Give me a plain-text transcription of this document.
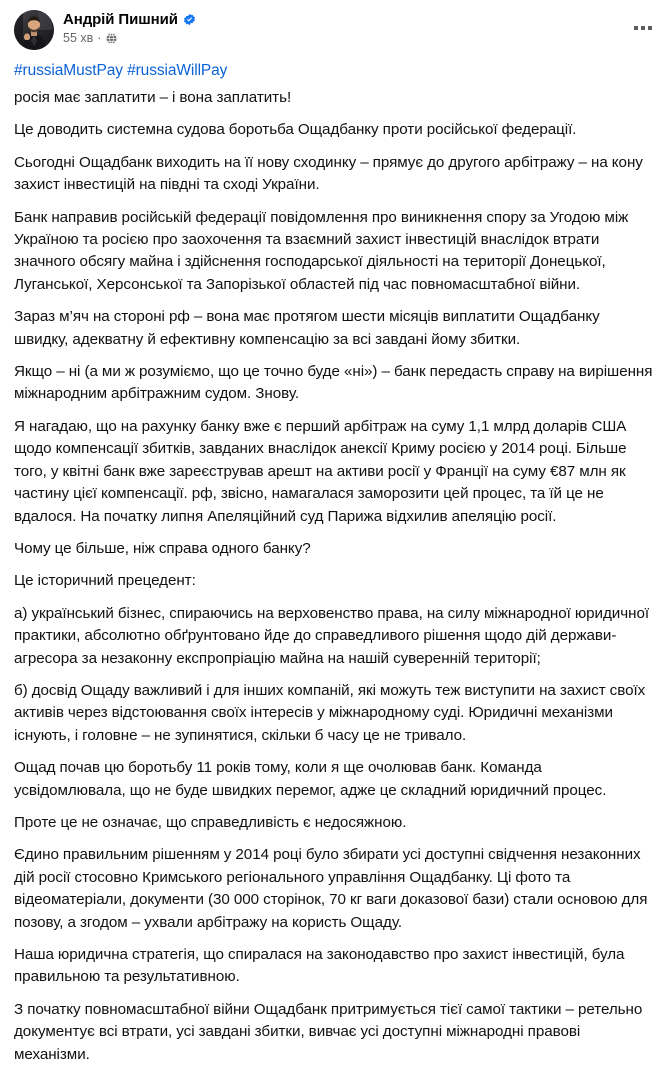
Андрій Пишний
55 хв ·
#russiaMustPay #russiaWillPay

росія має заплатити – і вона заплатить!

Це доводить системна судова боротьба Ощадбанку проти російської федерації.

Сьогодні Ощадбанк виходить на її нову сходинку – прямує до другого арбітражу – на кону захист інвестицій на півдні та сході України.

Банк направив російській федерації повідомлення про виникнення спору за Угодою між Україною та росією про заохочення та взаємний захист інвестицій внаслідок втрати значного обсягу майна і здійснення господарської діяльності на території Донецької, Луганської, Херсонської та Запорізької областей під час повномасштабної війни.

Зараз м’яч на стороні рф – вона має протягом шести місяців виплатити Ощадбанку швидку, адекватну й ефективну компенсацію за всі завдані йому збитки.

Якщо – ні (а ми ж розуміємо, що це точно буде «ні») – банк передасть справу на вирішення міжнародним арбітражним судом. Знову.

Я нагадаю, що на рахунку банку вже є перший арбітраж на суму 1,1 млрд доларів США щодо компенсації збитків, завданих внаслідок анексії Криму росією у 2014 році. Більше того, у квітні банк вже зареєстрував арешт на активи росії у Франції на суму €87 млн як частину цієї компенсації. рф, звісно, намагалася заморозити цей процес, та їй це не вдалося. На початку липня Апеляційний суд Парижа відхилив апеляцію росії.

Чому це більше, ніж справа одного банку?

Це історичний прецедент:

а) український бізнес, спираючись на верховенство права, на силу міжнародної юридичної практики, абсолютно обґрунтовано йде до справедливого рішення щодо дій держави-агресора за незаконну експропріацію майна на нашій суверенній території;

б) досвід Ощаду важливий і для інших компаній, які можуть теж виступити на захист своїх активів через відстоювання своїх інтересів у міжнародному суді. Юридичні механізми існують, і головне – не зупинятися, скільки б часу це не тривало.

Ощад почав цю боротьбу 11 років тому, коли я ще очолював банк. Команда усвідомлювала, що не буде швидких перемог, адже це складний юридичний процес.

Проте це не означає, що справедливість є недосяжною.

Єдино правильним рішенням у 2014 році було збирати усі доступні свідчення незаконних дій росії стосовно Кримського регіонального управління Ощадбанку. Ці фото та відеоматеріали, документи (30 000 сторінок, 70 кг ваги доказової бази) стали основою для позову, а згодом – ухвали арбітражу на користь Ощаду.

Наша юридична стратегія, що спиралася на законодавство про захист інвестицій, була правильною та результативною.

З початку повномасштабної війни Ощадбанк притримується тієї самої тактики – ретельно документує всі втрати, усі завдані збитки, вивчає усі доступні міжнародні правові механізми.
